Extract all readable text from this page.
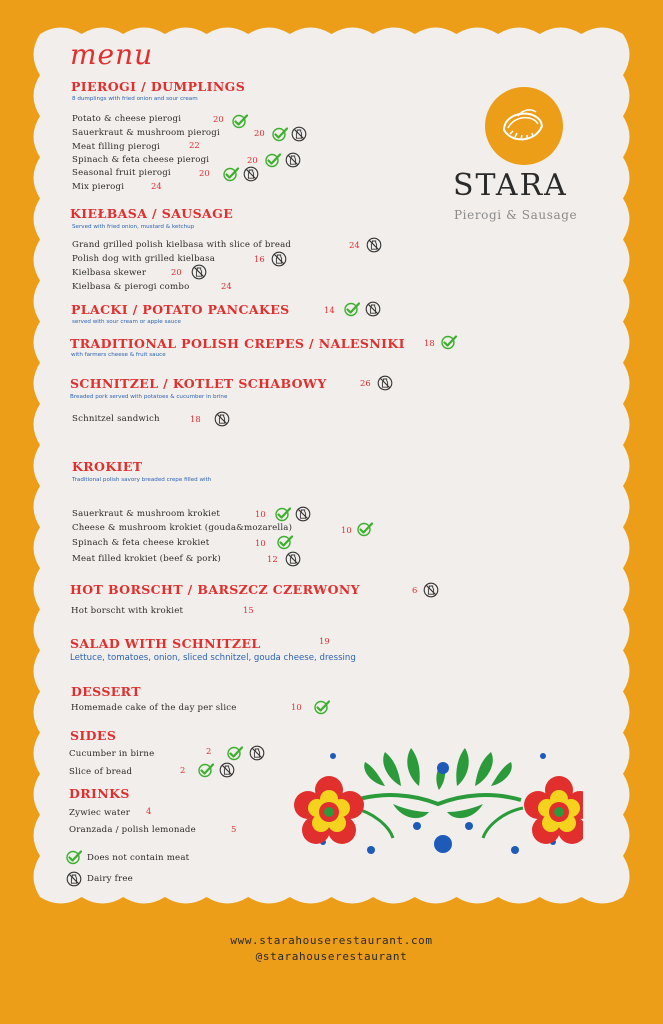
STARA
Pierogi & Sausage
menu
PIEROGI / DUMPLINGS
8 dumplings with fried onion and sour cream
Potato & cheese pierogi	20
Sauerkraut & mushroom pierogi	20
Meat filling pierogi	22
Spinach & feta cheese pierogi	20
Seasonal fruit pierogi	20
Mix pierogi	24
KIEŁBASA / SAUSAGE
Served with fried onion, mustard & ketchup
Grand grilled polish kielbasa with slice of bread	24
Polish dog with grilled kielbasa	16
Kielbasa skewer	20
Kielbasa & pierogi combo	24
PLACKI / POTATO PANCAKES	14
served with sour cream or apple sauce
TRADITIONAL POLISH CREPES / NALESNIKI 18
with farmers cheese & fruit sauce
SCHNITZEL / KOTLET SCHABOWY	26
Breaded pork served with potatoes & cucumber in brine
Schnitzel sandwich	18
KROKIET
Traditional polish savory breaded crepe filled with
Sauerkraut & mushroom krokiet	10
Cheese & mushroom krokiet (gouda&mozarella)	10
Spinach & feta cheese krokiet	10
Meat filled krokiet (beef & pork)	12
HOT BORSCHT / BARSZCZ CZERWONY	6
Hot borscht with krokiet	15
SALAD WITH SCHNITZEL	19
Lettuce, tomatoes, onion, sliced schnitzel, gouda cheese, dressing
DESSERT
Homemade cake of the day per slice	10
SIDES
Cucumber in birne	2
Slice of bread	2
DRINKS
Zywiec water 4
Oranzada / polish lemonade	5
Does not contain meat
Dairy free
www.starahouserestaurant.com
@starahouserestaurant
